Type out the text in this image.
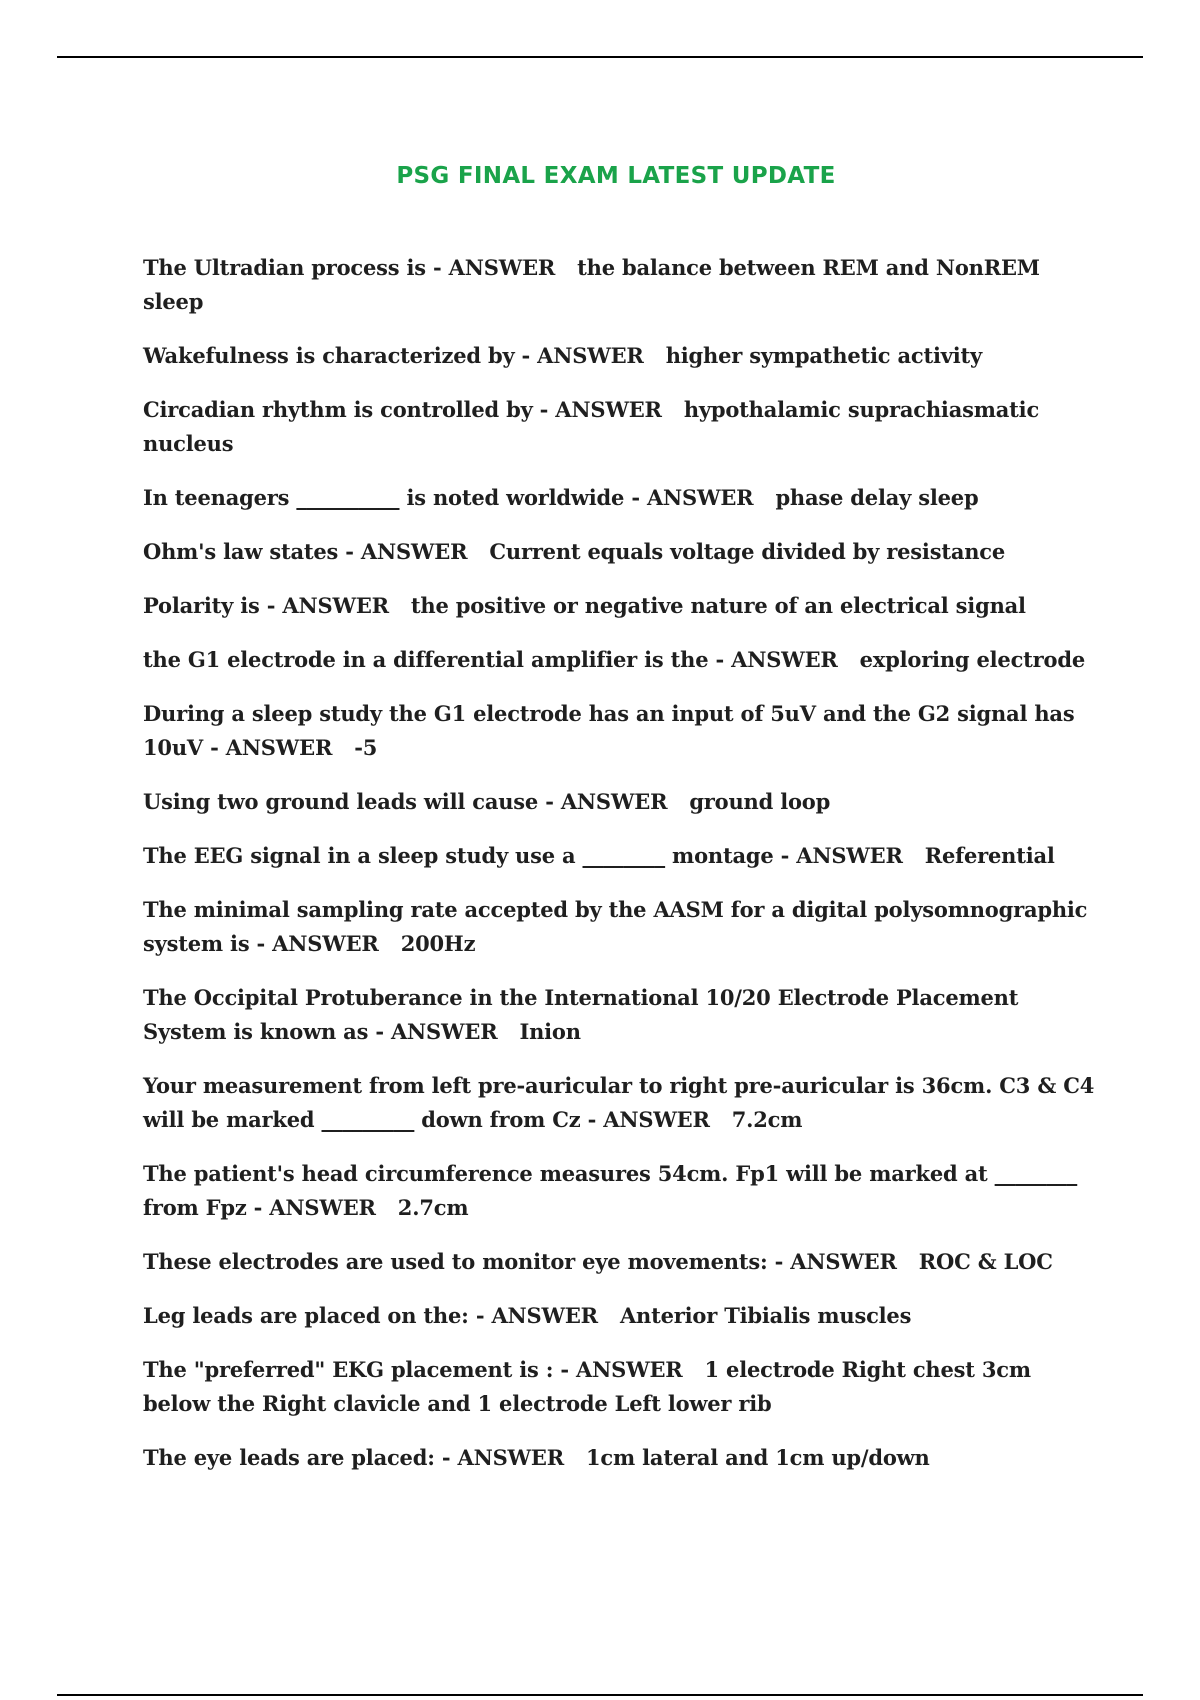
PSG FINAL EXAM LATEST UPDATE
The Ultradian process is - ANSWER the balance between REM and NonREM sleep
Wakefulness is characterized by - ANSWER higher sympathetic activity
Circadian rhythm is controlled by - ANSWER hypothalamic suprachiasmatic nucleus
In teenagers __________ is noted worldwide - ANSWER phase delay sleep
Ohm's law states - ANSWER Current equals voltage divided by resistance
Polarity is - ANSWER the positive or negative nature of an electrical signal
the G1 electrode in a differential amplifier is the - ANSWER exploring electrode
During a sleep study the G1 electrode has an input of 5uV and the G2 signal has 10uV - ANSWER -5
Using two ground leads will cause - ANSWER ground loop
The EEG signal in a sleep study use a ________ montage - ANSWER Referential
The minimal sampling rate accepted by the AASM for a digital polysomnographic system is - ANSWER 200Hz
The Occipital Protuberance in the International 10/20 Electrode Placement System is known as - ANSWER Inion
Your measurement from left pre-auricular to right pre-auricular is 36cm. C3 & C4 will be marked _________ down from Cz - ANSWER 7.2cm
The patient's head circumference measures 54cm. Fp1 will be marked at ________ from Fpz - ANSWER 2.7cm
These electrodes are used to monitor eye movements: - ANSWER ROC & LOC
Leg leads are placed on the: - ANSWER Anterior Tibialis muscles
The "preferred" EKG placement is : - ANSWER 1 electrode Right chest 3cm below the Right clavicle and 1 electrode Left lower rib
The eye leads are placed: - ANSWER 1cm lateral and 1cm up/down
